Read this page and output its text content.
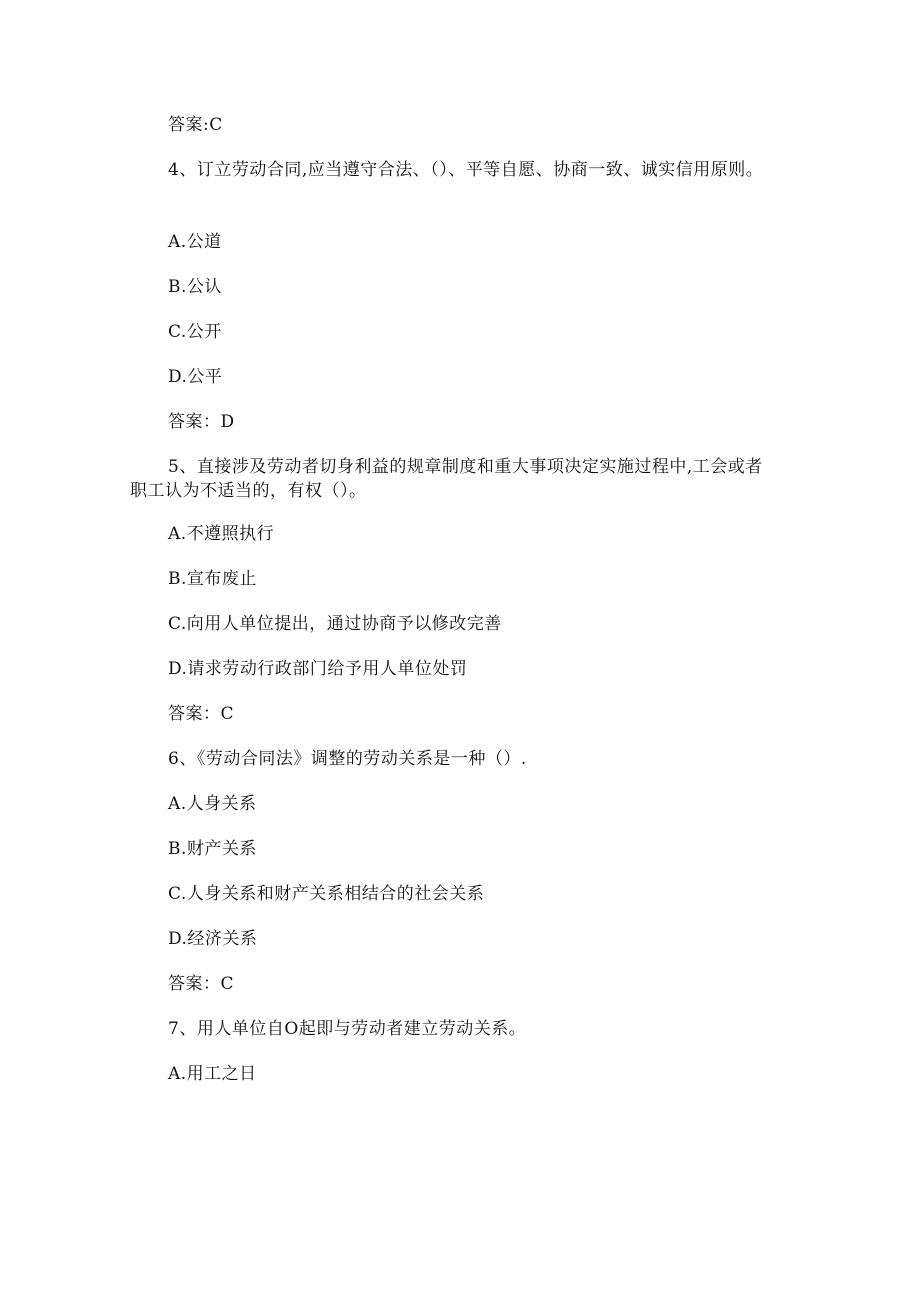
答案:C
4、订立劳动合同,应当遵守合法、（）、平等自愿、协商一致、诚实信用原则。
A.公道
B.公认
C.公开
D.公平
答案：D
5、直接涉及劳动者切身利益的规章制度和重大事项决定实施过程中,工会或者职工认为不适当的，有权（）。
A.不遵照执行
B.宣布废止
C.向用人单位提出，通过协商予以修改完善
D.请求劳动行政部门给予用人单位处罚
答案：C
6、《劳动合同法》调整的劳动关系是一种（）.
A.人身关系
B.财产关系
C.人身关系和财产关系相结合的社会关系
D.经济关系
答案：C
7、用人单位自O起即与劳动者建立劳动关系。
A.用工之日
